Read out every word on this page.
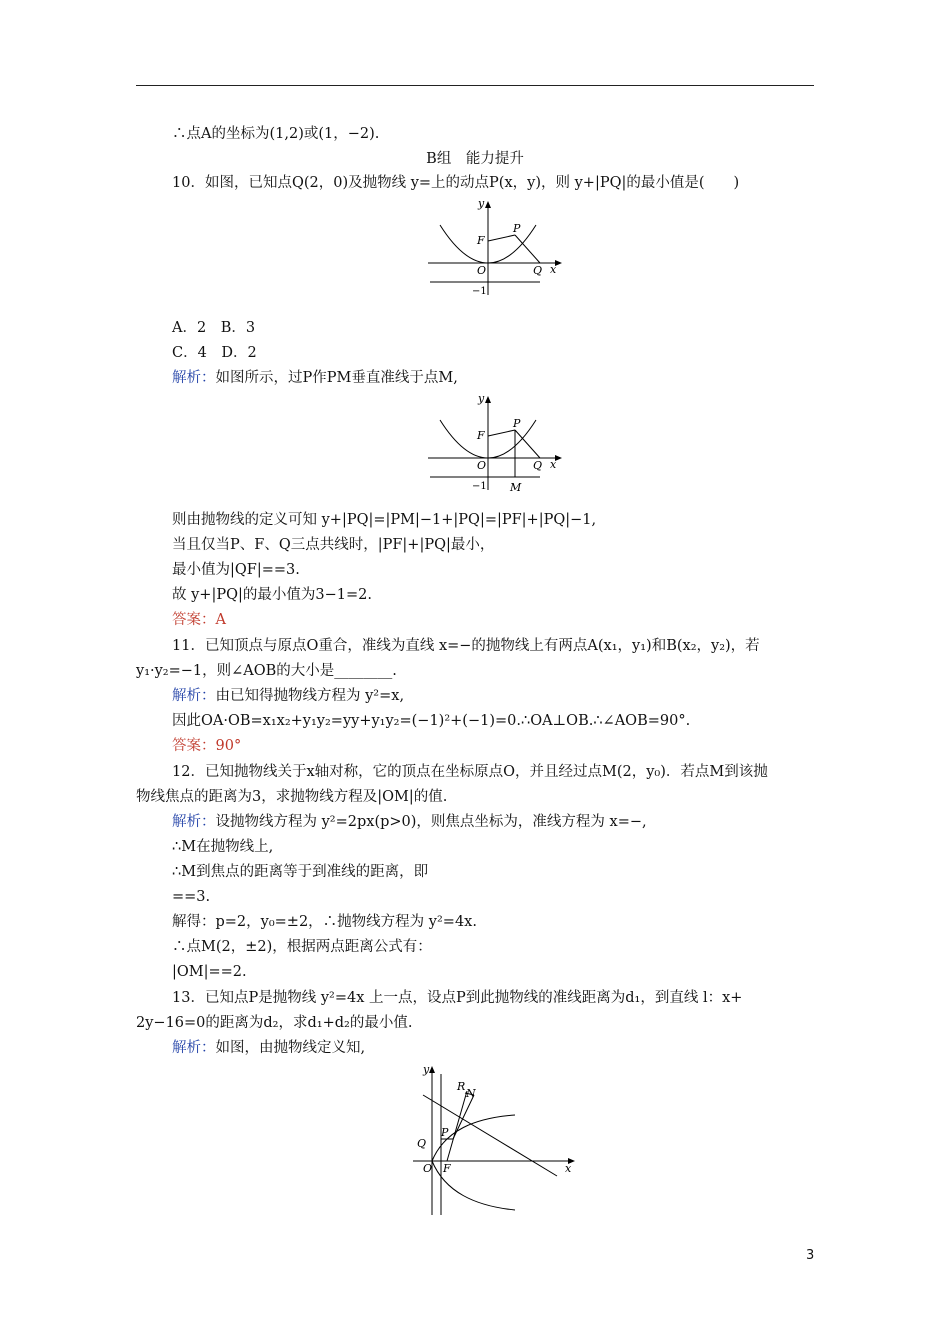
∴点A的坐标为(1,2)或(1，−2).
B组　能力提升
10．如图，已知点Q(2，0)及抛物线 y=上的动点P(x，y)，则 y+|PQ|的最小值是(　　)
y
x
F
P
O	Q
−1
A．2　B．3
C．4　D．2
解析：如图所示，过P作PM垂直准线于点M,
y
x
F
P
O	Q
−1 M
则由抛物线的定义可知 y+|PQ|=|PM|−1+|PQ|=|PF|+|PQ|−1,
当且仅当P、F、Q三点共线时，|PF|+|PQ|最小，
最小值为|QF|==3.
故 y+|PQ|的最小值为3−1=2.
答案：A
11．已知顶点与原点O重合，准线为直线 x=−的抛物线上有两点A(x₁，y₁)和B(x₂，y₂)，若
y₁·y₂=−1，则∠AOB的大小是________.
解析：由已知得抛物线方程为 y²=x,
因此OA·OB=x₁x₂+y₁y₂=yy+y₁y₂=(−1)²+(−1)=0.∴OA⊥OB.∴∠AOB=90°.
答案：90°
12．已知抛物线关于x轴对称，它的顶点在坐标原点O，并且经过点M(2，y₀)．若点M到该抛
物线焦点的距离为3，求抛物线方程及|OM|的值.
解析：设抛物线方程为 y²=2px(p>0)，则焦点坐标为，准线方程为 x=−,
∴M在抛物线上,
∴M到焦点的距离等于到准线的距离，即
==3.
解得：p=2，y₀=±2，∴抛物线方程为 y²=4x.
∴点M(2，±2)，根据两点距离公式有：
|OM|==2.
13．已知点P是抛物线 y²=4x 上一点，设点P到此抛物线的准线距离为d₁，到直线 l：x+
2y−16=0的距离为d₂，求d₁+d₂的最小值.
解析：如图，由抛物线定义知,
y
x
R
N
P
Q
O F
3
